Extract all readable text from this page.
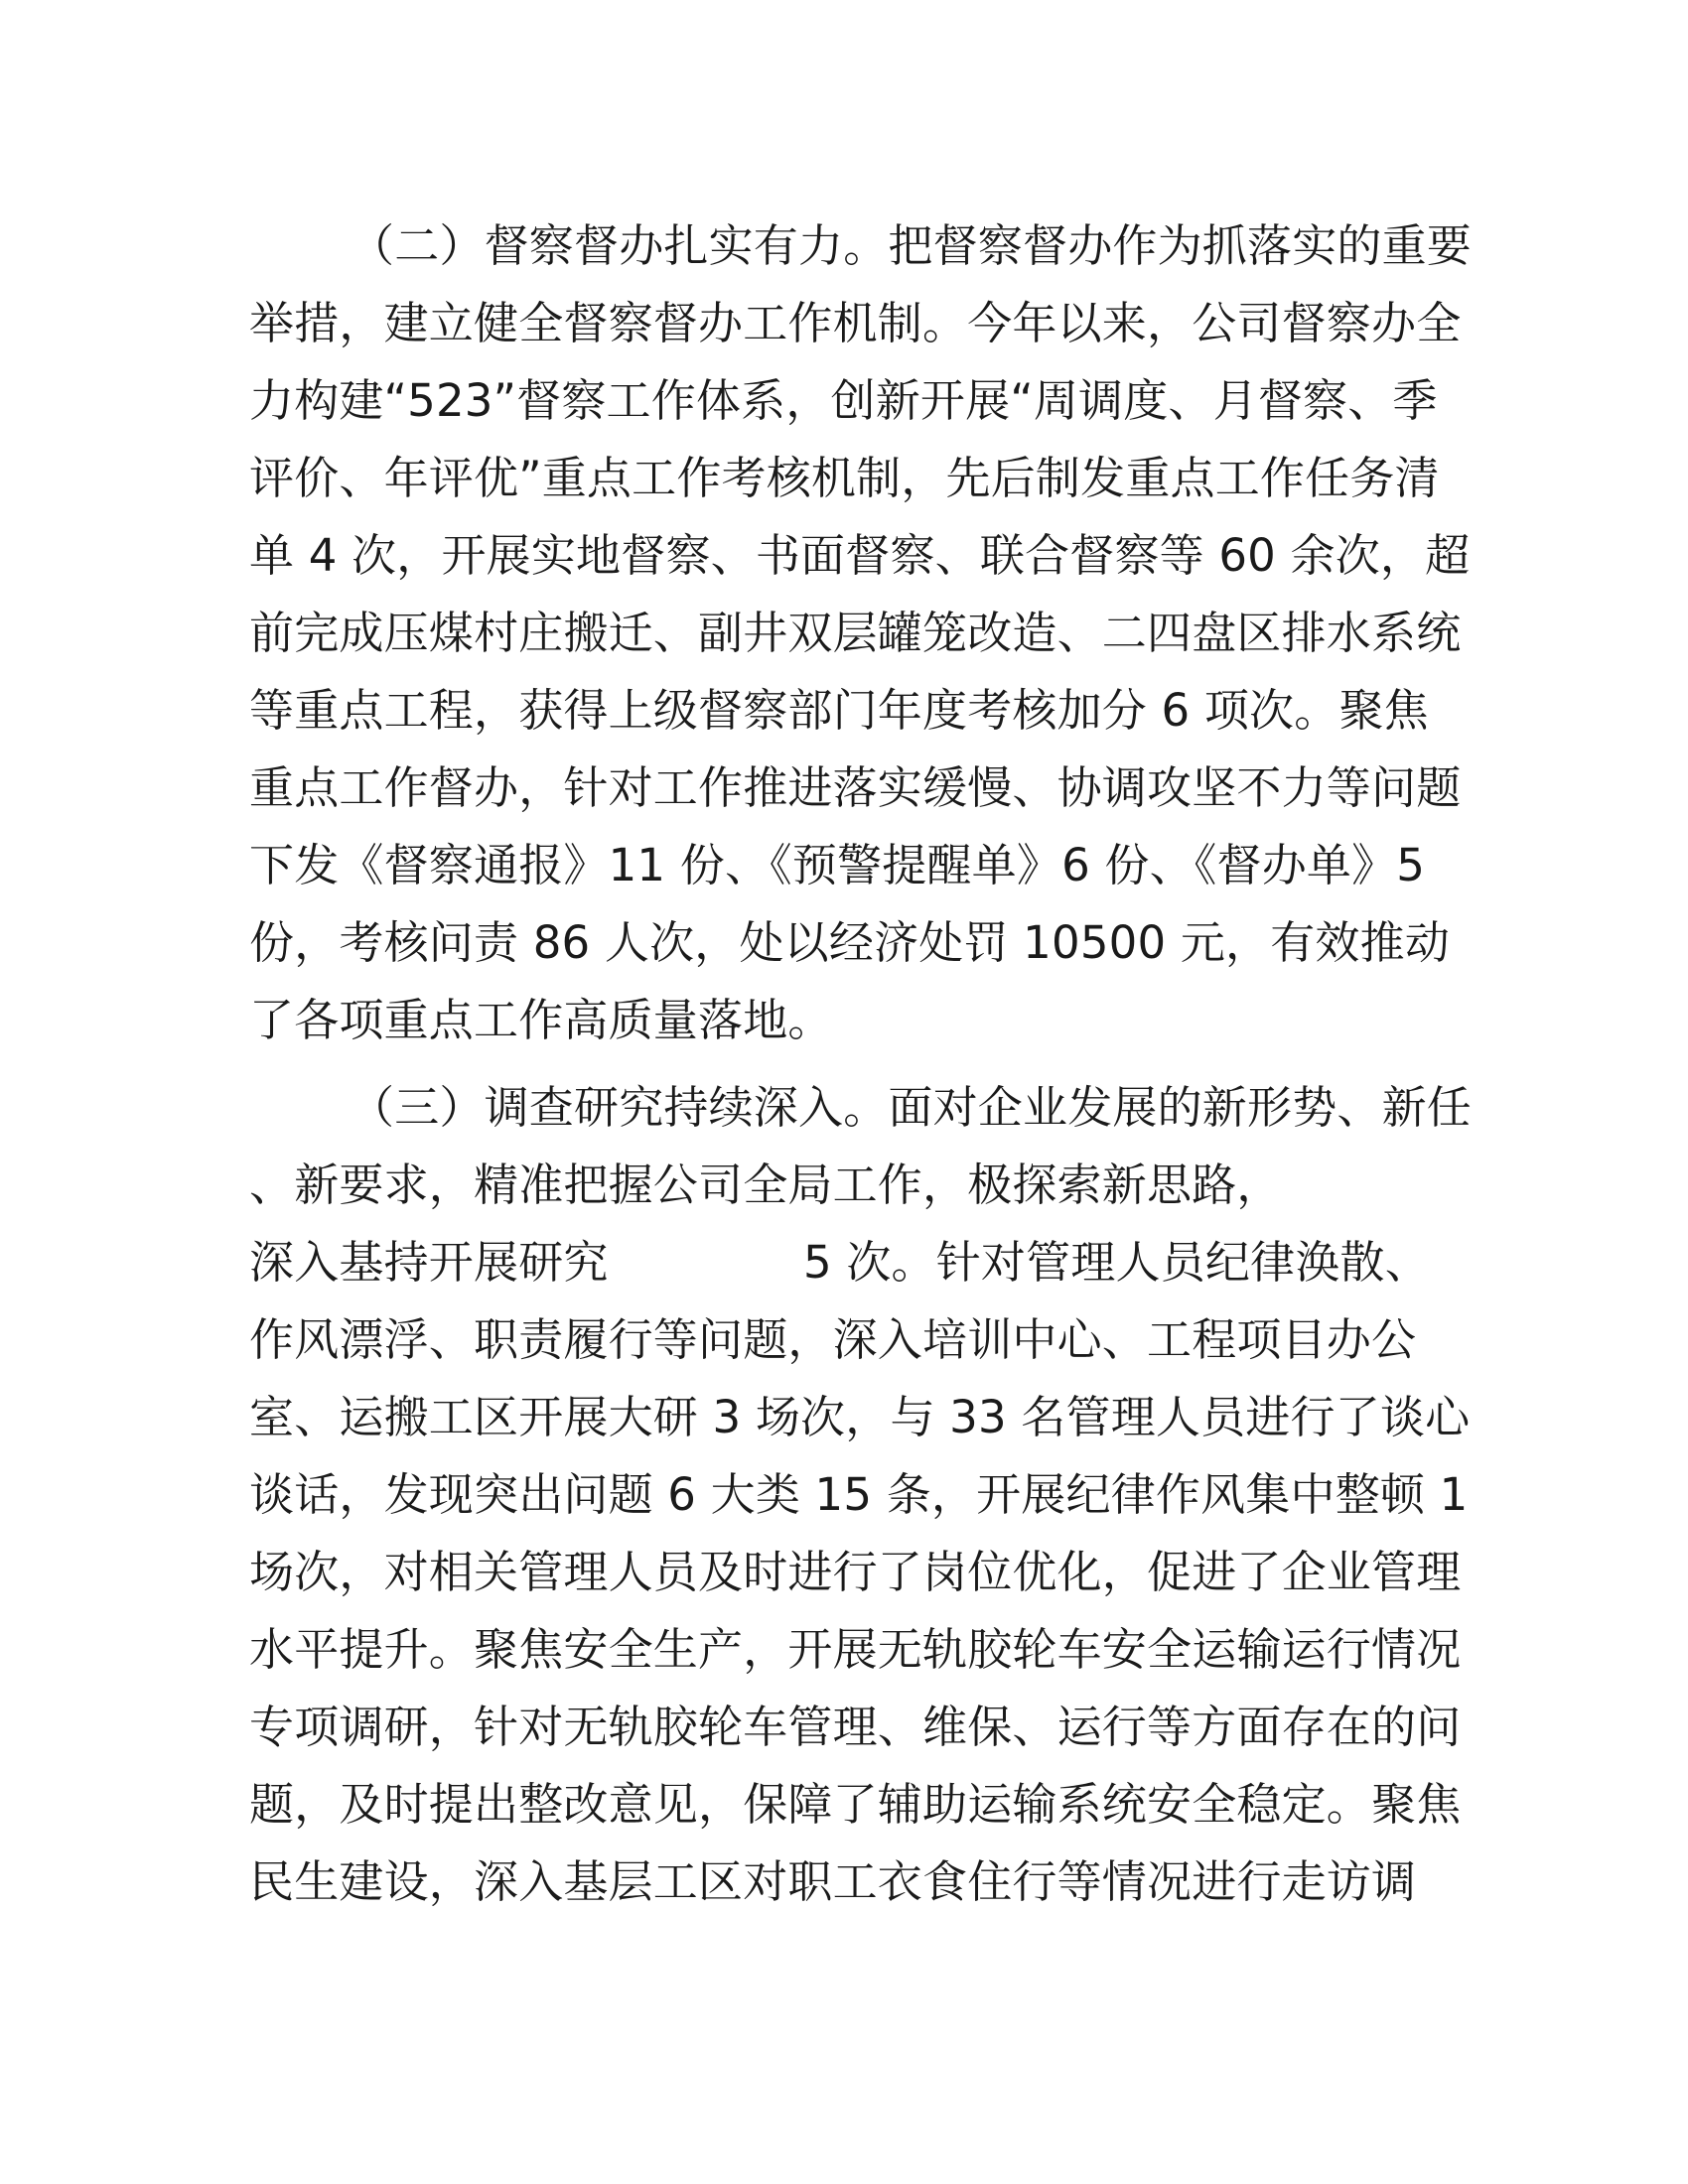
（二）督察督办扎实有力。把督察督办作为抓落实的重要
举措，建立健全督察督办工作机制。今年以来，公司督察办全
力构建“523”督察工作体系，创新开展“周调度、月督察、季
评价、年评优”重点工作考核机制，先后制发重点工作任务清
单 4 次，开展实地督察、书面督察、联合督察等 60 余次，超
前完成压煤村庄搬迁、副井双层罐笼改造、二四盘区排水系统
等重点工程，获得上级督察部门年度考核加分 6 项次。聚焦
重点工作督办，针对工作推进落实缓慢、协调攻坚不力等问题
下发《督察通报》11 份、《预警提醒单》6 份、《督办单》5
份，考核问责 86 人次，处以经济处罚 10500 元，有效推动
了各项重点工作高质量落地。
（三）调查研究持续深入。面对企业发展的新形势、新任
、新要求，精准把握公司全局工作，极探索新思路，
深入基持开展研究	5 次。针对管理人员纪律涣散、
作风漂浮、职责履行等问题，深入培训中心、工程项目办公
室、运搬工区开展大研 3 场次，与 33 名管理人员进行了谈心
谈话，发现突出问题 6 大类 15 条，开展纪律作风集中整顿 1
场次，对相关管理人员及时进行了岗位优化，促进了企业管理
水平提升。聚焦安全生产，开展无轨胶轮车安全运输运行情况
专项调研，针对无轨胶轮车管理、维保、运行等方面存在的问
题，及时提出整改意见，保障了辅助运输系统安全稳定。聚焦
民生建设，深入基层工区对职工衣食住行等情况进行走访调
